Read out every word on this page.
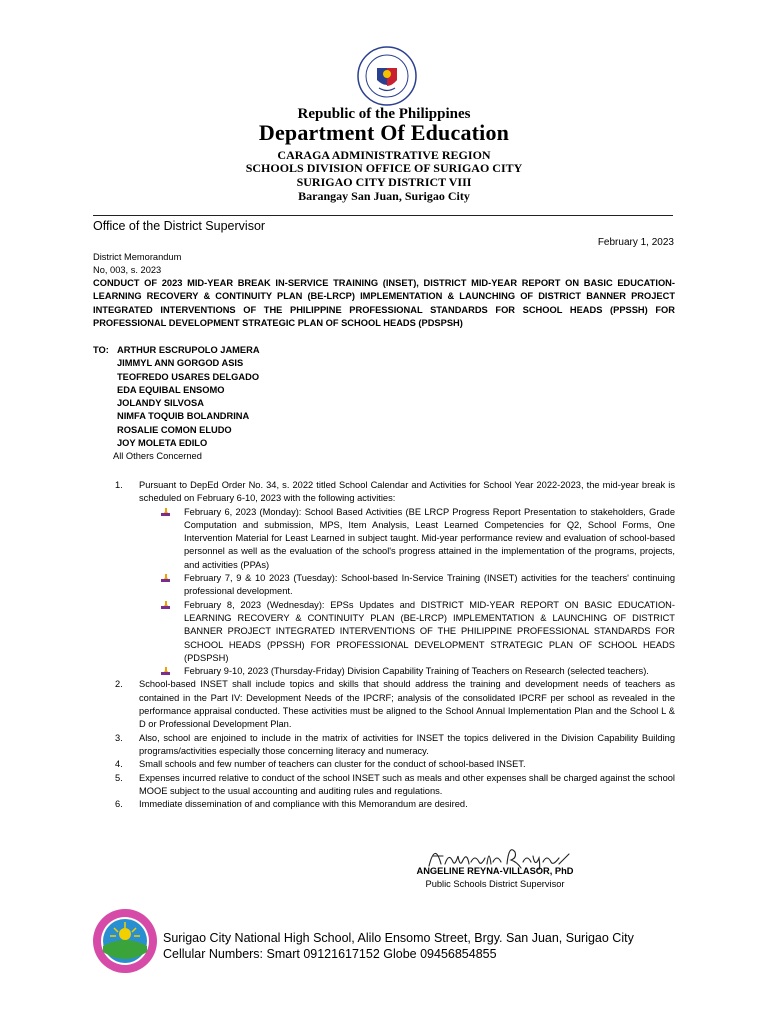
Republic of the Philippines
Department Of Education
CARAGA ADMINISTRATIVE REGION
SCHOOLS DIVISION OFFICE OF SURIGAO CITY
SURIGAO CITY DISTRICT VIII
Barangay San Juan, Surigao City
Office of the District Supervisor
February 1, 2023
District Memorandum
No, 003, s. 2023
CONDUCT OF 2023 MID-YEAR BREAK IN-SERVICE TRAINING (INSET), DISTRICT MID-YEAR REPORT ON BASIC EDUCATION-LEARNING RECOVERY & CONTINUITY PLAN (BE-LRCP) IMPLEMENTATION & LAUNCHING OF DISTRICT BANNER PROJECT INTEGRATED INTERVENTIONS OF THE PHILIPPINE PROFESSIONAL STANDARDS FOR SCHOOL HEADS (PPSSH) FOR PROFESSIONAL DEVELOPMENT STRATEGIC PLAN OF SCHOOL HEADS (PDSPSH)
TO: ARTHUR ESCRUPOLO JAMERA
JIMMYL ANN GORGOD ASIS
TEOFREDO USARES DELGADO
EDA EQUIBAL ENSOMO
JOLANDY SILVOSA
NIMFA TOQUIB BOLANDRINA
ROSALIE COMON ELUDO
JOY MOLETA EDILO
All Others Concerned
1.	Pursuant to DepEd Order No. 34, s. 2022 titled School Calendar and Activities for School Year 2022-2023, the mid-year break is scheduled on February 6-10, 2023 with the following activities:
February 6, 2023 (Monday): School Based Activities (BE LRCP Progress Report Presentation to stakeholders, Grade Computation and submission, MPS, Item Analysis, Least Learned Competencies for Q2, School Forms, One Intervention Material for Least Learned in subject taught. Mid-year performance review and evaluation of school-based personnel as well as the evaluation of the school's progress attained in the implementation of the programs, projects, and activities (PPAs)
February 7, 9 & 10 2023 (Tuesday): School-based In-Service Training (INSET) activities for the teachers' continuing professional development.
February 8, 2023 (Wednesday): EPSs Updates and DISTRICT MID-YEAR REPORT ON BASIC EDUCATION-LEARNING RECOVERY & CONTINUITY PLAN (BE-LRCP) IMPLEMENTATION & LAUNCHING OF DISTRICT BANNER PROJECT INTEGRATED INTERVENTIONS OF THE PHILIPPINE PROFESSIONAL STANDARDS FOR SCHOOL HEADS (PPSSH) FOR PROFESSIONAL DEVELOPMENT STRATEGIC PLAN OF SCHOOL HEADS (PDSPSH)
February 9-10, 2023 (Thursday-Friday) Division Capability Training of Teachers on Research (selected teachers).
2.	School-based INSET shall include topics and skills that should address the training and development needs of teachers as contained in the Part IV: Development Needs of the IPCRF; analysis of the consolidated IPCRF per school as revealed in the performance appraisal conducted. These activities must be aligned to the School Annual Implementation Plan and the School L & D or Professional Development Plan.
3.	Also, school are enjoined to include in the matrix of activities for INSET the topics delivered in the Division Capability Building programs/activities especially those concerning literacy and numeracy.
4.	Small schools and few number of teachers can cluster for the conduct of school-based INSET.
5.	Expenses incurred relative to conduct of the school INSET such as meals and other expenses shall be charged against the school MOOE subject to the usual accounting and auditing rules and regulations.
6.	Immediate dissemination of and compliance with this Memorandum are desired.
ANGELINE REYNA-VILLASOR, PhD
Public Schools District Supervisor
Surigao City National High School, Alilo Ensomo Street, Brgy. San Juan, Surigao City
Cellular Numbers: Smart 09121617152 Globe 09456854855
